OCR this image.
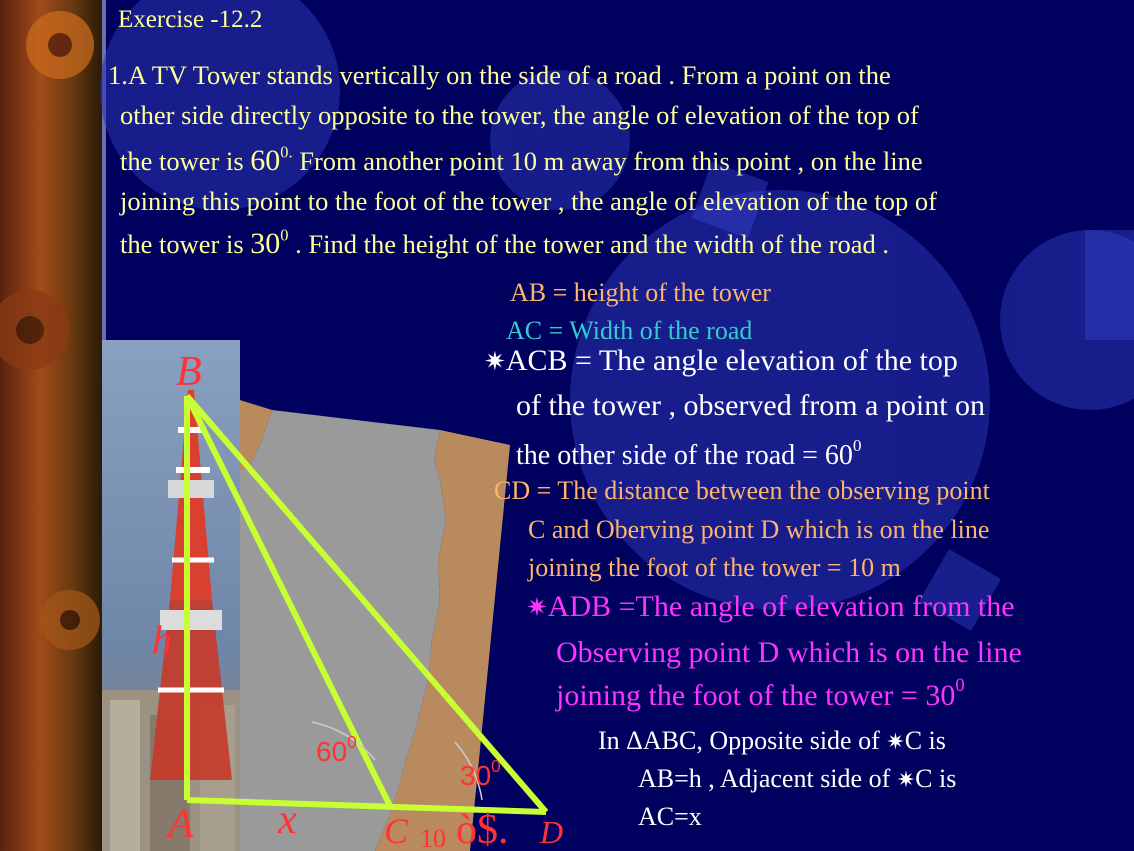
Exercise -12.2
1.A TV Tower stands vertically on the side of a road . From a point on the
other side directly opposite to the tower, the angle of elevation of the top of
the tower is $60^{0.}$ From another point 10 m away from this point , on the line
joining this point to the foot of the tower , the angle of elevation of the top of
the tower is $30^0$ . Find the height of the tower and the width of the road .
AB = height of the tower
AC = Width of the road
✷ACB = The angle elevation of the top
of the tower , observed from a point on
the other side of the road = $60^0$
CD = The distance between the observing point
C and Oberving point D which is on the line
joining the foot of the tower = 10 m
✷ADB =The angle of elevation from the
Observing point D which is on the line
joining the foot of the tower = $30^0$
In ΔABC, Opposite side of ✷C is
AB=h , Adjacent side of ✷C is
AC=x
B
A	C	D
h
x	10 ò$.
$60^0$
$30^0$
